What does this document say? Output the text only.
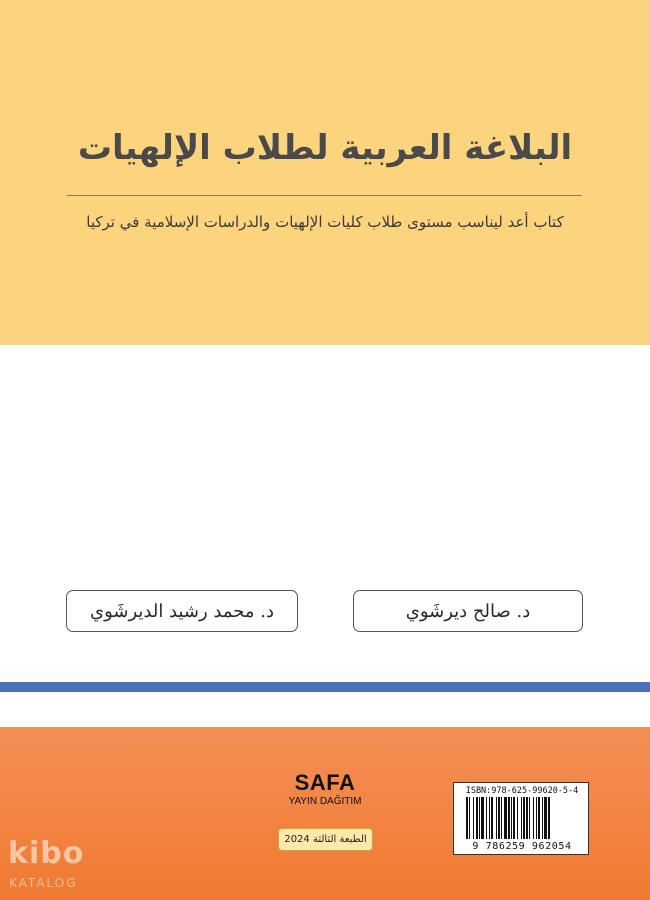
البلاغة العربية لطلاب الإلهيات
كتاب أعد ليناسب مستوى طلاب كليات الإلهيات والدراسات الإسلامية في تركيا
·
د. صالح ديرشَوي
د. محمد رشيد الديرشَوي
SAFA
YAYIN DAĞITIM
الطبعة الثالثة 2024
ISBN:978-625-99620-5-4
9 786259 962054
kibo
KATALOG
